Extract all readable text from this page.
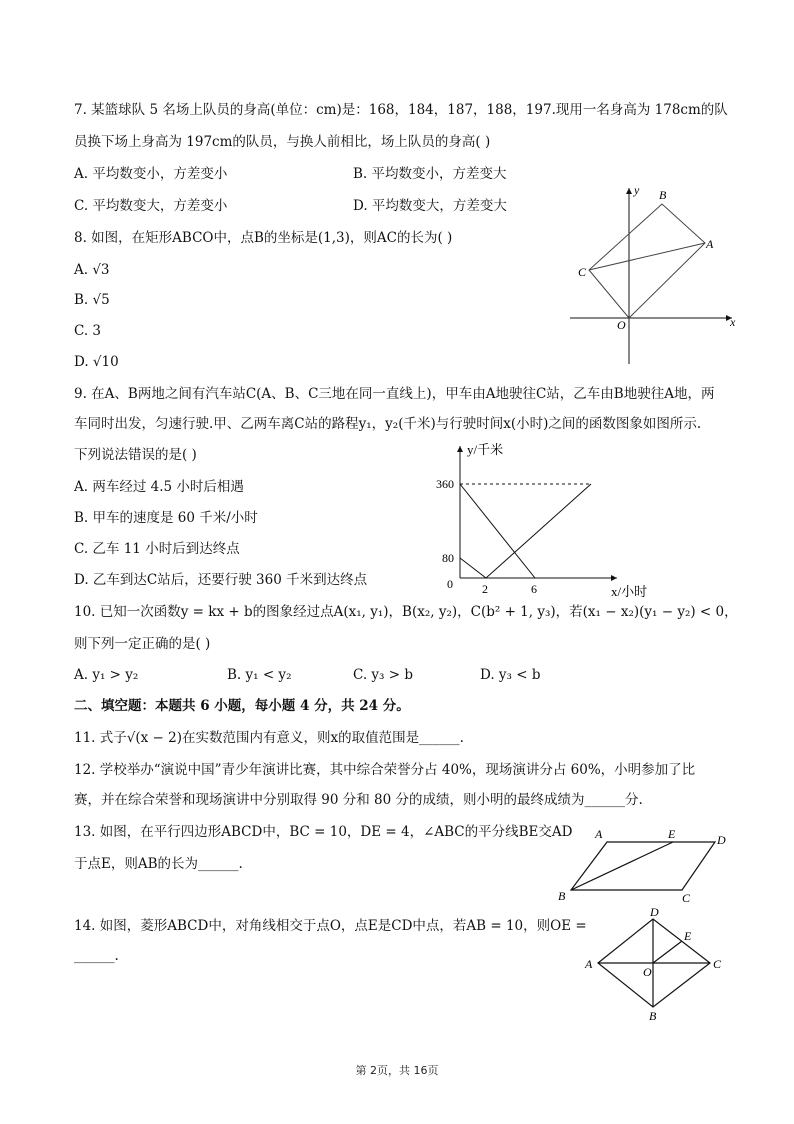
7. 某篮球队 5 名场上队员的身高(单位：cm)是：168，184，187，188，197.现用一名身高为 178cm的队
员换下场上身高为 197cm的队员，与换人前相比，场上队员的身高( )
A. 平均数变小，方差变小	B. 平均数变小，方差变大
C. 平均数变大，方差变小	D. 平均数变大，方差变大
8. 如图，在矩形ABCO中，点B的坐标是(1,3)，则AC的长为( )
A. √3
B. √5
C. 3
D. √10
y
x
O
A
B
C
9. 在A、B两地之间有汽车站C(A、B、C三地在同一直线上)，甲车由A地驶往C站，乙车由B地驶往A地，两
车同时出发，匀速行驶.甲、乙两车离C站的路程y₁，y₂(千米)与行驶时间x(小时)之间的函数图象如图所示.
下列说法错误的是( )
A. 两车经过 4.5 小时后相遇
B. 甲车的速度是 60 千米/小时
C. 乙车 11 小时后到达终点
D. 乙车到达C站后，还要行驶 360 千米到达终点
y/千米
x/小时
360
80
0 2	6
10. 已知一次函数y = kx + b的图象经过点A(x₁, y₁)，B(x₂, y₂)，C(b² + 1, y₃)，若(x₁ − x₂)(y₁ − y₂) < 0，
则下列一定正确的是( )
A. y₁ > y₂	B. y₁ < y₂	C. y₃ > b	D. y₃ < b
二、填空题：本题共 6 小题，每小题 4 分，共 24 分。
11. 式子√(x − 2)在实数范围内有意义，则x的取值范围是______.
12. 学校举办“演说中国”青少年演讲比赛，其中综合荣誉分占 40%，现场演讲分占 60%，小明参加了比
赛，并在综合荣誉和现场演讲中分别取得 90 分和 80 分的成绩，则小明的最终成绩为______分.
13. 如图，在平行四边形ABCD中，BC = 10，DE = 4，∠ABC的平分线BE交AD
于点E，则AB的长为______.
A	E	D
B	C
14. 如图，菱形ABCD中，对角线相交于点O，点E是CD中点，若AB = 10，则OE =
______.
D
E
A	C
O
B
第 2页，共 16页
